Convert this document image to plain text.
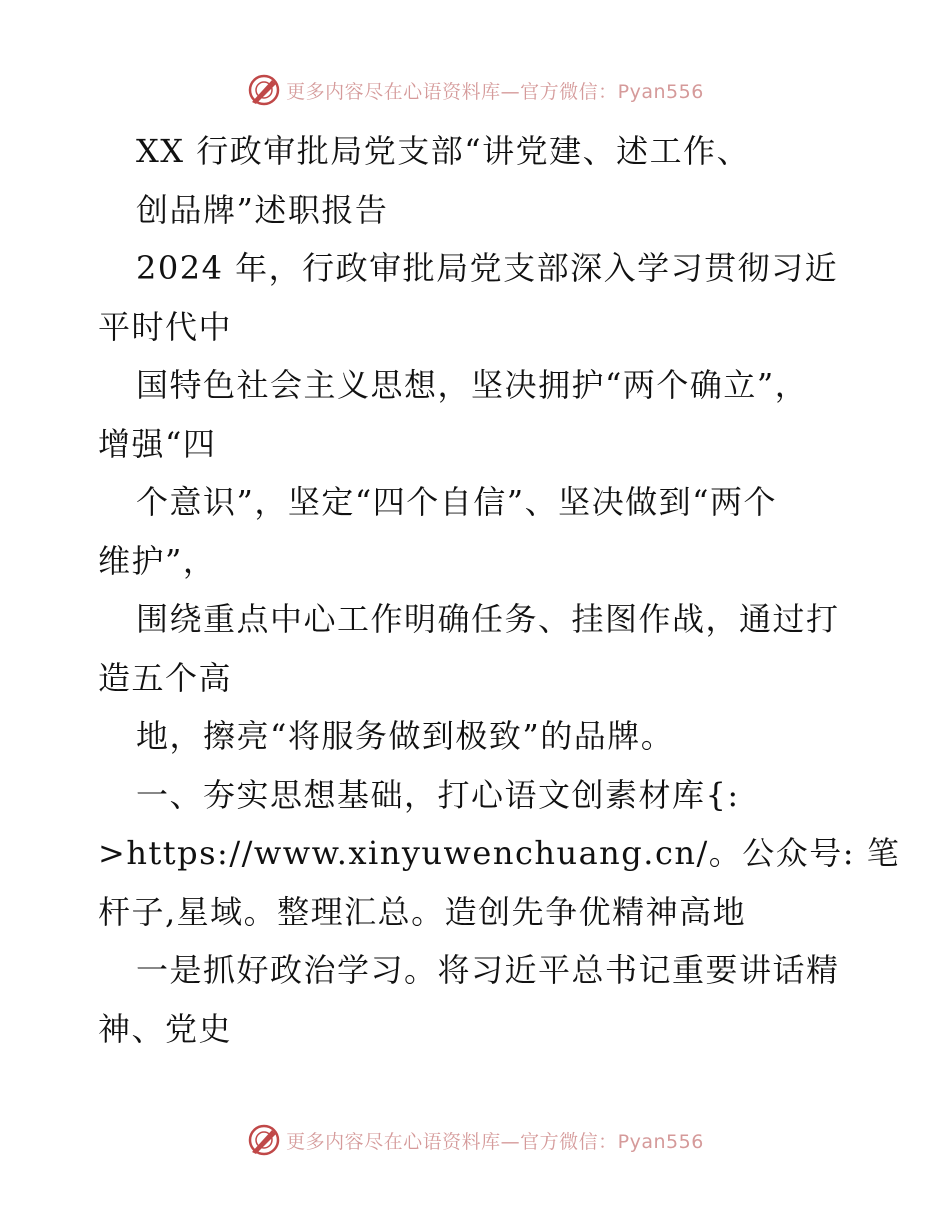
更多内容尽在心语资料库—官方微信：Pyan556
XX 行政审批局党支部“讲党建、述工作、
创品牌”述职报告
2024 年，行政审批局党支部深入学习贯彻习近
平时代中
国特色社会主义思想，坚决拥护“两个确立”，
增强“四
个意识”，坚定“四个自信”、坚决做到“两个
维护”，
围绕重点中心工作明确任务、挂图作战，通过打
造五个高
地，擦亮“将服务做到极致”的品牌。
一、夯实思想基础，打心语文创素材库{:
>https://www.xinyuwenchuang.cn/。公众号: 笔
杆子,星域。整理汇总。造创先争优精神高地
一是抓好政治学习。将习近平总书记重要讲话精
神、党史
更多内容尽在心语资料库—官方微信：Pyan556
